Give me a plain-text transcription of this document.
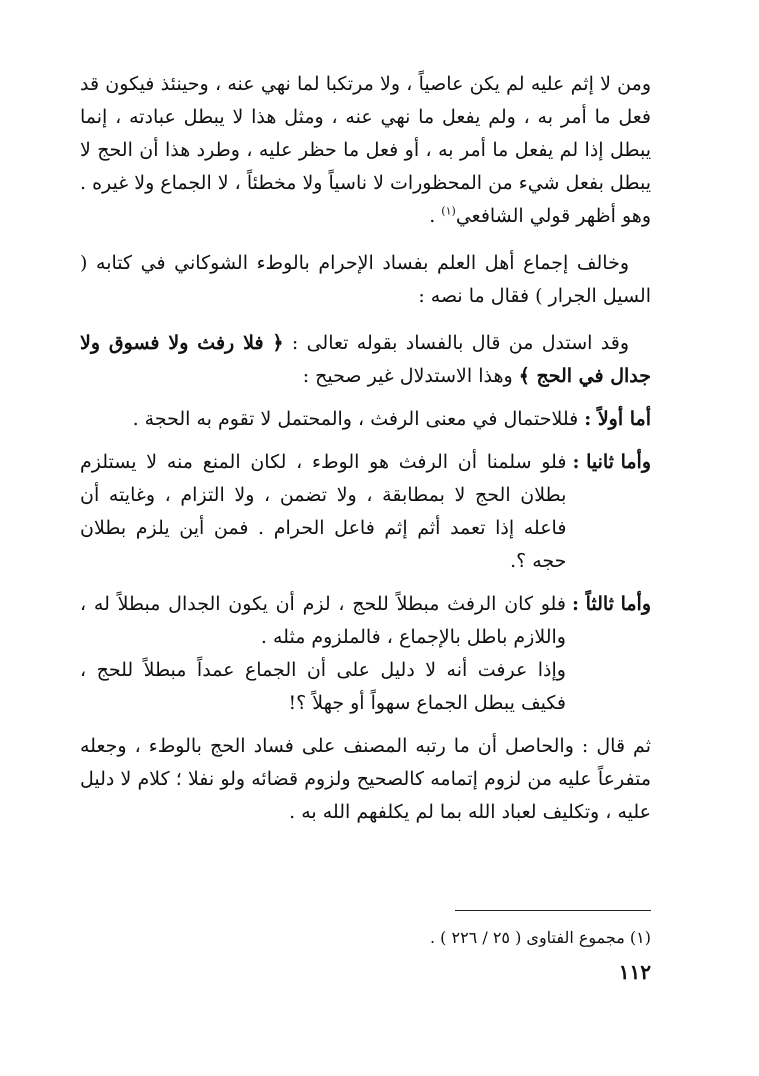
ومن لا إثم عليه لم يكن عاصياً ، ولا مرتكبا لما نهي عنه ، وحينئذ فيكون قد فعل ما أمر به ، ولم يفعل ما نهي عنه ، ومثل هذا لا يبطل عبادته ، إنما يبطل إذا لم يفعل ما أمر به ، أو فعل ما حظر عليه ، وطرد هذا أن الحج لا يبطل بفعل شيء من المحظورات لا ناسياً ولا مخطئاً ، لا الجماع ولا غيره . وهو أظهر قولي الشافعي$^{(١)}$ .

وخالف إجماع أهل العلم بفساد الإحرام بالوطء الشوكاني في كتابه ( السيل الجرار ) فقال ما نصه :

وقد استدل من قال بالفساد بقوله تعالى : ﴿ فلا رفث ولا فسوق ولا جدال في الحج ﴾ وهذا الاستدلال غير صحيح :

أما أولاً :

فللاحتمال في معنى الرفث ، والمحتمل لا تقوم به الحجة .

وأما ثانيا :

فلو سلمنا أن الرفث هو الوطء ، لكان المنع منه لا يستلزم بطلان الحج لا بمطابقة ، ولا تضمن ، ولا التزام ، وغايته أن فاعله إذا تعمد أثم إثم فاعل الحرام . فمن أين يلزم بطلان حجه ؟.

وأما ثالثاً :

فلو كان الرفث مبطلاً للحج ، لزم أن يكون الجدال مبطلاً له ، واللازم باطل بالإجماع ، فالملزوم مثله .

وإذا عرفت أنه لا دليل على أن الجماع عمداً مبطلاً للحج ، فكيف يبطل الجماع سهواً أو جهلاً ؟!

ثم قال : والحاصل أن ما رتبه المصنف على فساد الحج بالوطء ، وجعله متفرعاً عليه من لزوم إتمامه كالصحيح ولزوم قضائه ولو نفلا ؛ كلام لا دليل عليه ، وتكليف لعباد الله بما لم يكلفهم الله به .

(١) مجموع الفتاوى ( ٢٥ / ٢٢٦ ) .
١١٢
